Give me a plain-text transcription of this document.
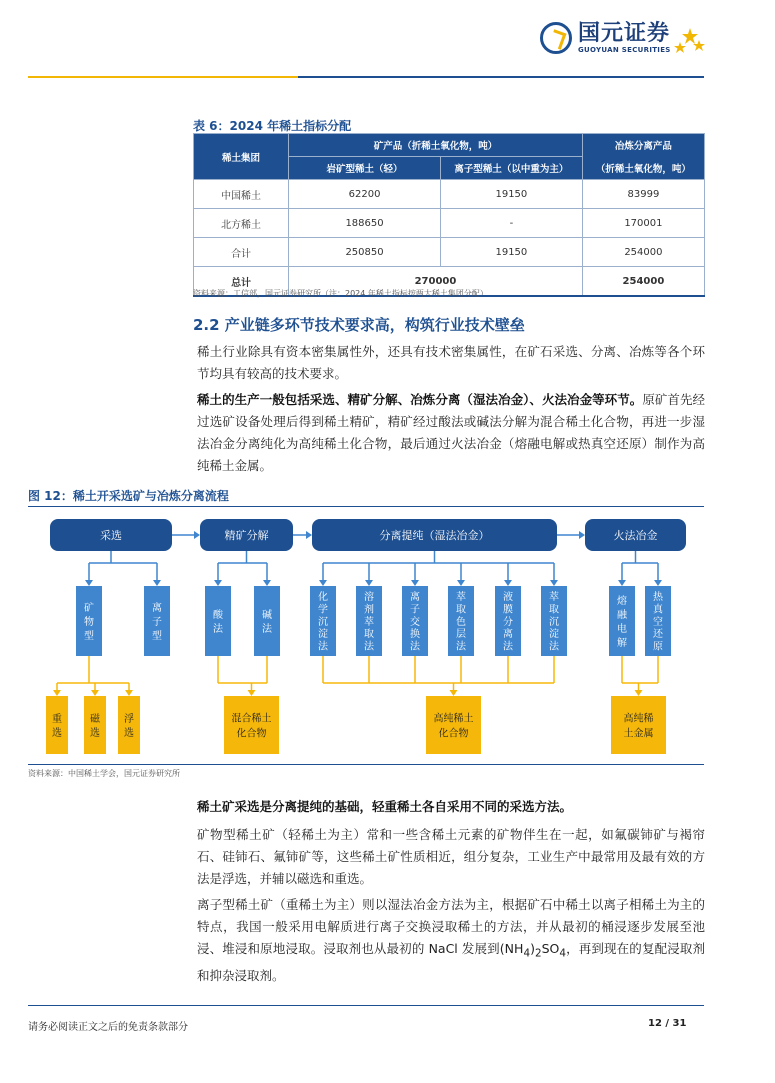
国元证券
GUOYUAN SECURITIES
表 6：2024 年稀土指标分配
稀土集团	矿产品（折稀土氧化物，吨）		冶炼分离产品
	岩矿型稀土（轻）	离子型稀土（以中重为主）	（折稀土氧化物，吨）
中国稀土	62200	19150	83999
北方稀土	188650	-	170001
合计	250850	19150	254000
总计	270000		254000
资料来源：工信部，国元证券研究所（注：2024 年稀土指标按两大稀土集团分配）
2.2 产业链多环节技术要求高，构筑行业技术壁垒
稀土行业除具有资本密集属性外，还具有技术密集属性，在矿石采选、分离、冶炼等各个环节均具有较高的技术要求。
稀土的生产一般包括采选、精矿分解、冶炼分离（湿法冶金）、火法冶金等环节。原矿首先经过选矿设备处理后得到稀土精矿，精矿经过酸法或碱法分解为混合稀土化合物，再进一步湿法冶金分离纯化为高纯稀土化合物，最后通过火法冶金（熔融电解或热真空还原）制作为高纯稀土金属。
图 12：稀土开采选矿与冶炼分离流程
采选	精矿分解	分离提纯（湿法冶金）	火法冶金
矿
物
型
离
子
型
酸
法
碱
法
化
学
沉
淀
法
溶
剂
萃
取
法
离
子
交
换
法
萃
取
色
层
法
液
膜
分
离
法
萃
取
沉
淀
法
熔
融
电
解
热
真
空
还
原
重
选
磁
选
浮
选
混合稀土
化合物
高纯稀土
化合物
高纯稀
土金属
资料来源：中国稀土学会，国元证券研究所
稀土矿采选是分离提纯的基础，轻重稀土各自采用不同的采选方法。
矿物型稀土矿（轻稀土为主）常和一些含稀土元素的矿物伴生在一起，如氟碳铈矿与褐帘石、硅铈石、氟铈矿等，这些稀土矿性质相近，组分复杂，工业生产中最常用及最有效的方法是浮选，并辅以磁选和重选。
离子型稀土矿（重稀土为主）则以湿法冶金方法为主，根据矿石中稀土以离子相稀土为主的特点，我国一般采用电解质进行离子交换浸取稀土的方法，并从最初的桶浸逐步发展至池浸、堆浸和原地浸取。浸取剂也从最初的 NaCl 发展到$(NH_4)_2SO_4$，再到现在的复配浸取剂和抑杂浸取剂。
请务必阅读正文之后的免责条款部分	12 / 31
